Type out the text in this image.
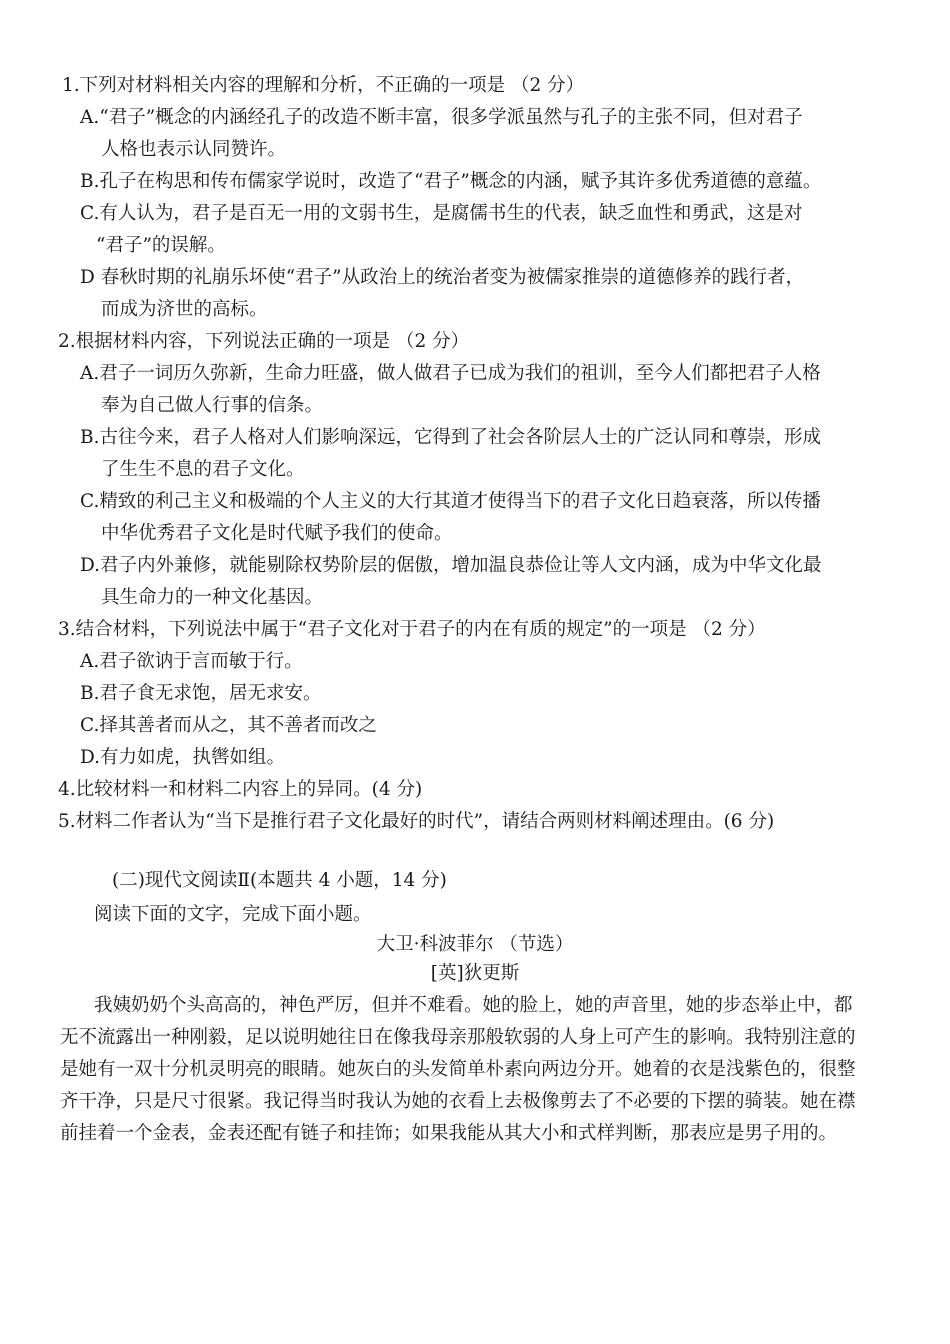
1.下列对材料相关内容的理解和分析，不正确的一项是 （2 分）
A.“君子”概念的内涵经孔子的改造不断丰富，很多学派虽然与孔子的主张不同，但对君子
人格也表示认同赞许。
B.孔子在构思和传布儒家学说时，改造了“君子”概念的内涵，赋予其许多优秀道德的意蕴。
C.有人认为，君子是百无一用的文弱书生，是腐儒书生的代表，缺乏血性和勇武，这是对
“君子”的误解。
D 春秋时期的礼崩乐坏使“君子”从政治上的统治者变为被儒家推崇的道德修养的践行者，
而成为济世的高标。
2.根据材料内容，下列说法正确的一项是 （2 分）
A.君子一词历久弥新，生命力旺盛，做人做君子已成为我们的祖训，至今人们都把君子人格
奉为自己做人行事的信条。
B.古往今来，君子人格对人们影响深远，它得到了社会各阶层人士的广泛认同和尊崇，形成
了生生不息的君子文化。
C.精致的利己主义和极端的个人主义的大行其道才使得当下的君子文化日趋衰落，所以传播
中华优秀君子文化是时代赋予我们的使命。
D.君子内外兼修，就能剔除权势阶层的倨傲，增加温良恭俭让等人文内涵，成为中华文化最
具生命力的一种文化基因。
3.结合材料，下列说法中属于“君子文化对于君子的内在有质的规定”的一项是 （2 分）
A.君子欲讷于言而敏于行。
B.君子食无求饱，居无求安。
C.择其善者而从之，其不善者而改之
D.有力如虎，执辔如组。
4.比较材料一和材料二内容上的异同。(4 分)
5.材料二作者认为“当下是推行君子文化最好的时代”，请结合两则材料阐述理由。(6 分)
(二)现代文阅读Ⅱ(本题共 4 小题，14 分)
阅读下面的文字，完成下面小题。
大卫·科波菲尔 （节选）
[英]狄更斯
我姨奶奶个头高高的，神色严厉，但并不难看。她的脸上，她的声音里，她的步态举止中，都
无不流露出一种刚毅，足以说明她往日在像我母亲那般软弱的人身上可产生的影响。我特别注意的
是她有一双十分机灵明亮的眼睛。她灰白的头发简单朴素向两边分开。她着的衣是浅紫色的，很整
齐干净，只是尺寸很紧。我记得当时我认为她的衣看上去极像剪去了不必要的下摆的骑装。她在襟
前挂着一个金表，金表还配有链子和挂饰；如果我能从其大小和式样判断，那表应是男子用的。
